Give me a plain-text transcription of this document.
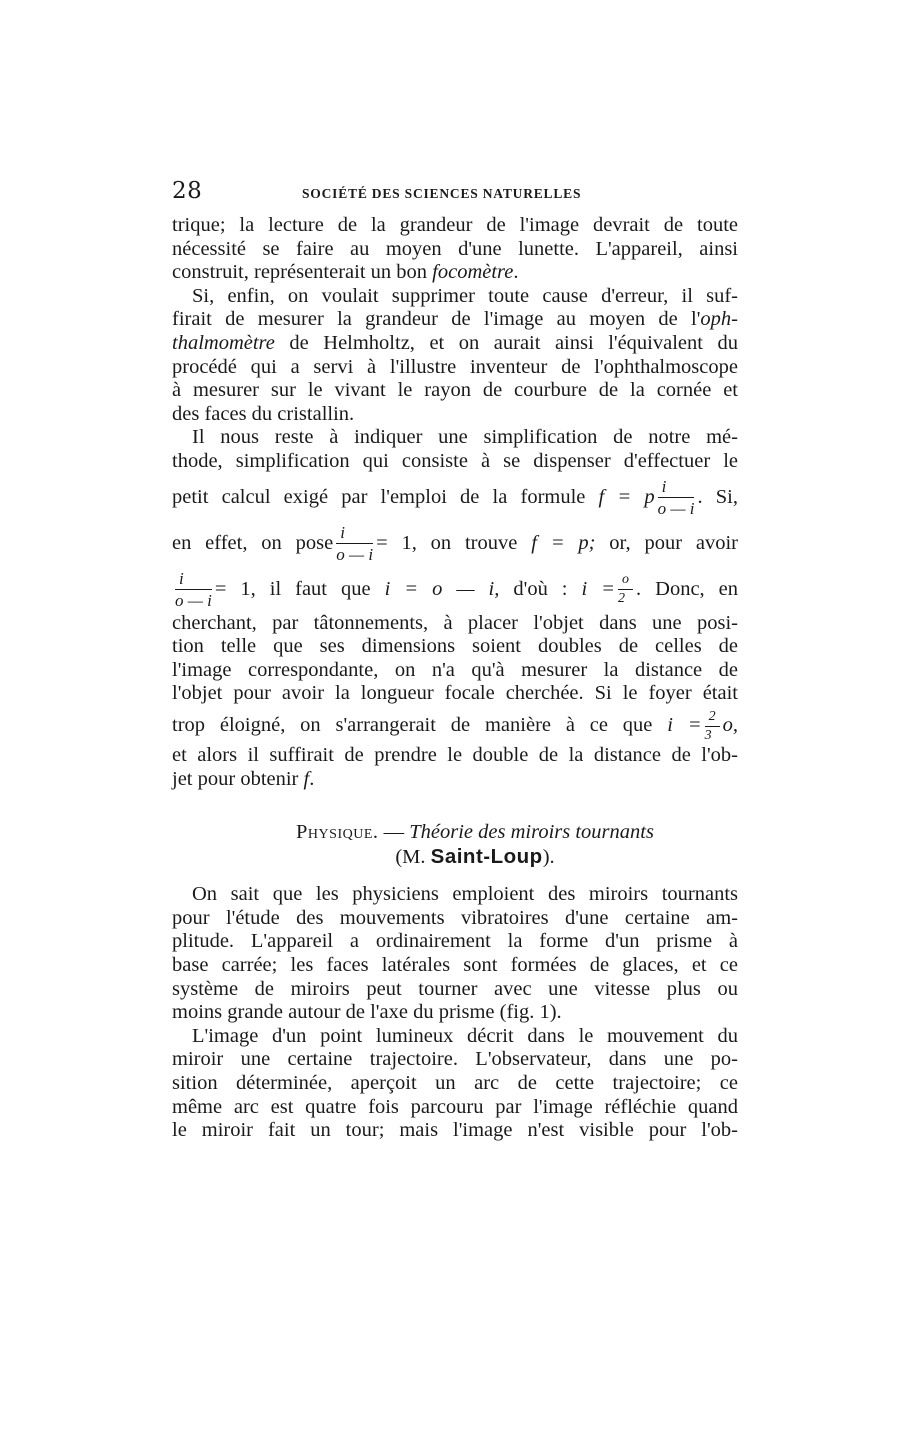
28	SOCIÉTÉ DES SCIENCES NATURELLES
trique; la lecture de la grandeur de l'image devrait de toute
nécessité se faire au moyen d'une lunette. L'appareil, ainsi
construit, représenterait un bon focomètre.
Si, enfin, on voulait supprimer toute cause d'erreur, il suf-
firait de mesurer la grandeur de l'image au moyen de l'oph-
thalmomètre de Helmholtz, et on aurait ainsi l'équivalent du
procédé qui a servi à l'illustre inventeur de l'ophthalmoscope
à mesurer sur le vivant le rayon de courbure de la cornée et
des faces du cristallin.
Il nous reste à indiquer une simplification de notre mé-
thode, simplification qui consiste à se dispenser d'effectuer le
petit calcul exigé par l'emploi de la formule f = p $\frac{i}{o — i}$ . Si,
en effet, on pose $\frac{i}{o — i} = 1$, on trouve f = p; or, pour avoir
$\frac{i}{o — i} = 1$, il faut que i = o — i, d'où : $i = \frac{o}{2}$ . Donc, en
cherchant, par tâtonnements, à placer l'objet dans une posi-
tion telle que ses dimensions soient doubles de celles de
l'image correspondante, on n'a qu'à mesurer la distance de
l'objet pour avoir la longueur focale cherchée. Si le foyer était
trop éloigné, on s'arrangerait de manière à ce que $i = \frac{2}{3} o$,
et alors il suffirait de prendre le double de la distance de l'ob-
jet pour obtenir f.
Physique. — Théorie des miroirs tournants
(M. Saint-Loup).
On sait que les physiciens emploient des miroirs tournants
pour l'étude des mouvements vibratoires d'une certaine am-
plitude. L'appareil a ordinairement la forme d'un prisme à
base carrée; les faces latérales sont formées de glaces, et ce
système de miroirs peut tourner avec une vitesse plus ou
moins grande autour de l'axe du prisme (fig. 1).
L'image d'un point lumineux décrit dans le mouvement du
miroir une certaine trajectoire. L'observateur, dans une po-
sition déterminée, aperçoit un arc de cette trajectoire; ce
même arc est quatre fois parcouru par l'image réfléchie quand
le miroir fait un tour; mais l'image n'est visible pour l'ob-
